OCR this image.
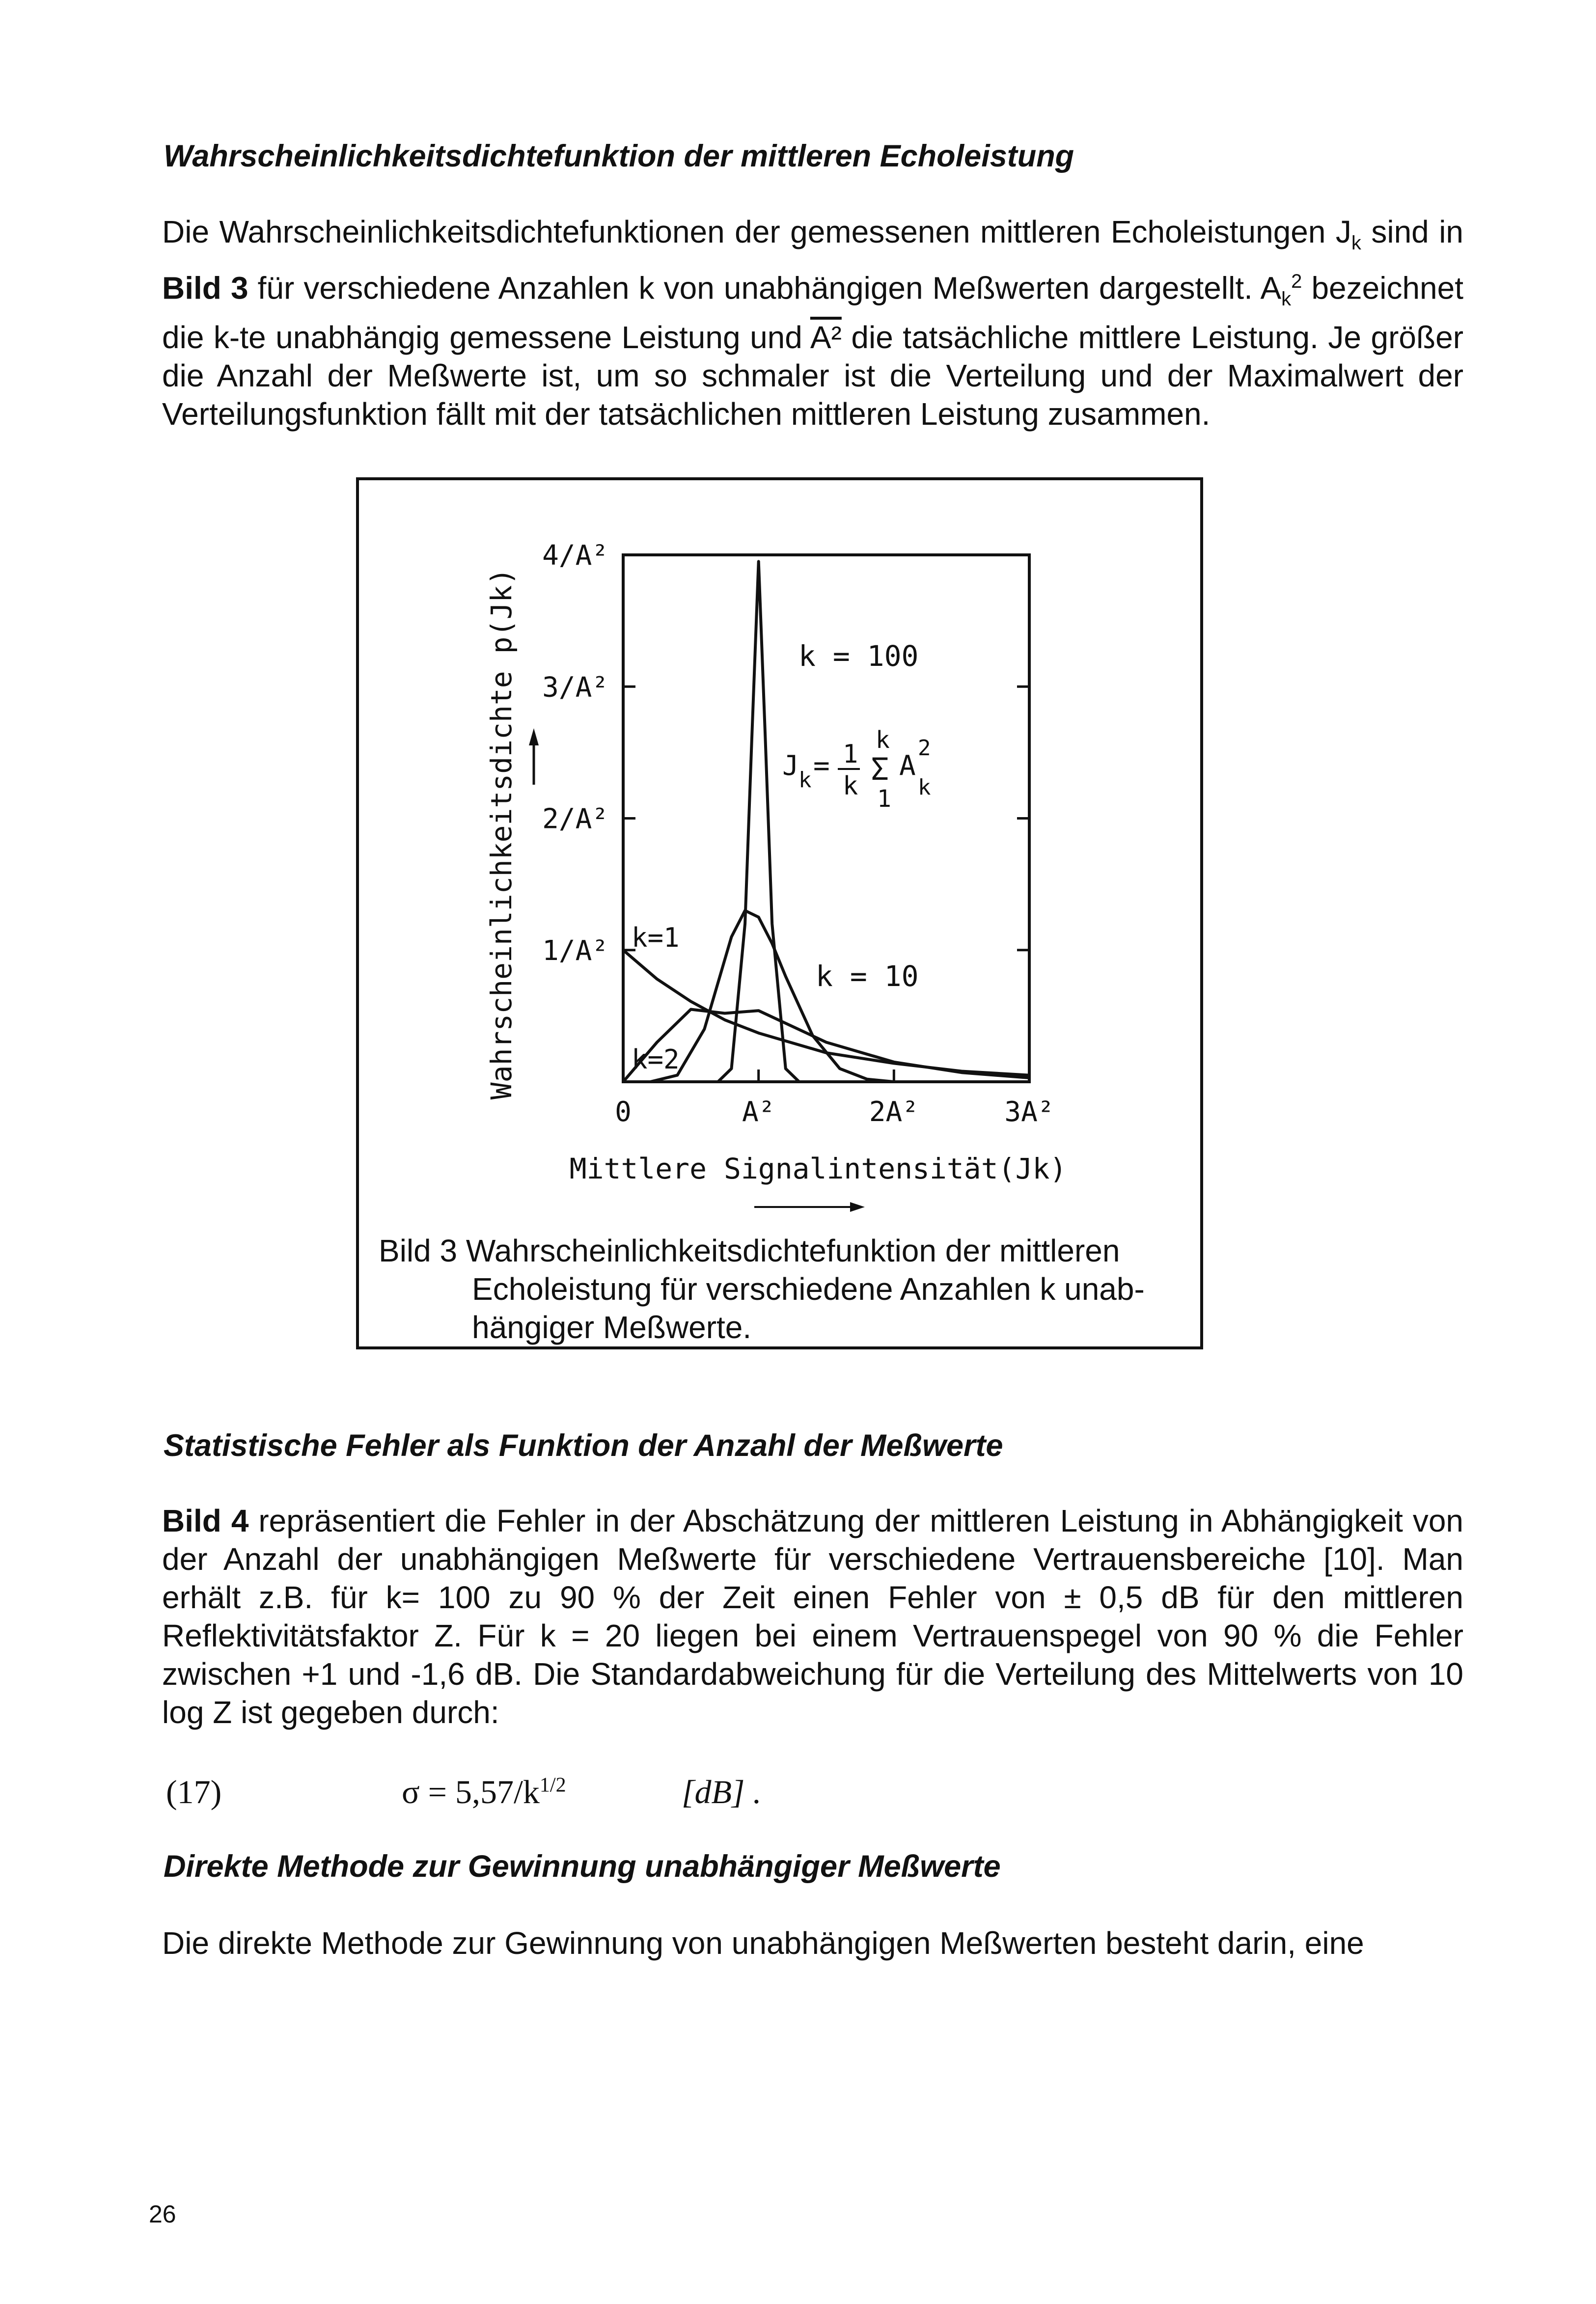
Wahrscheinlichkeitsdichtefunktion der mittleren Echoleistung
Die Wahrscheinlichkeitsdichtefunktionen der gemessenen mittleren Echoleistungen $J_k$ sind in Bild 3 für verschiedene Anzahlen k von unabhängigen Meßwerten dargestellt. $A_k^2$ bezeichnet die k-te unabhängig gemessene Leistung und A² die tatsächliche mittlere Leistung. Je größer die Anzahl der Meßwerte ist, um so schmaler ist die Verteilung und der Maximalwert der Verteilungsfunktion fällt mit der tatsächlichen mittleren Leistung zusammen.
Wahrscheinlichkeitsdichte p(Jk) 1/A²
2/A²
3/A²
4/A²
0	A²	2A²	3A²
k = 100
k = 10
k=1
k=2
J k = 1
k
k
Σ
1
A
2
k
Mittlere Signalintensität(Jk)
Bild 3 Wahrscheinlichkeitsdichtefunktion der mittleren
Echoleistung für verschiedene Anzahlen k unab-
hängiger Meßwerte.
Statistische Fehler als Funktion der Anzahl der Meßwerte
Bild 4 repräsentiert die Fehler in der Abschätzung der mittleren Leistung in Abhängigkeit von der Anzahl der unabhängigen Meßwerte für verschiedene Vertrauensbereiche [10]. Man erhält z.B. für k= 100 zu 90 % der Zeit einen Fehler von ± 0,5 dB für den mittleren Reflektivitätsfaktor Z. Für k = 20 liegen bei einem Vertrauenspegel von 90 % die Fehler zwischen +1 und -1,6 dB. Die Standardabweichung für die Verteilung des Mittelwerts von 10 log Z ist gegeben durch:
(17)	$\sigma = 5,57/k^{1/2}$	[dB] .
Direkte Methode zur Gewinnung unabhängiger Meßwerte
Die direkte Methode zur Gewinnung von unabhängigen Meßwerten besteht darin, eine
26
